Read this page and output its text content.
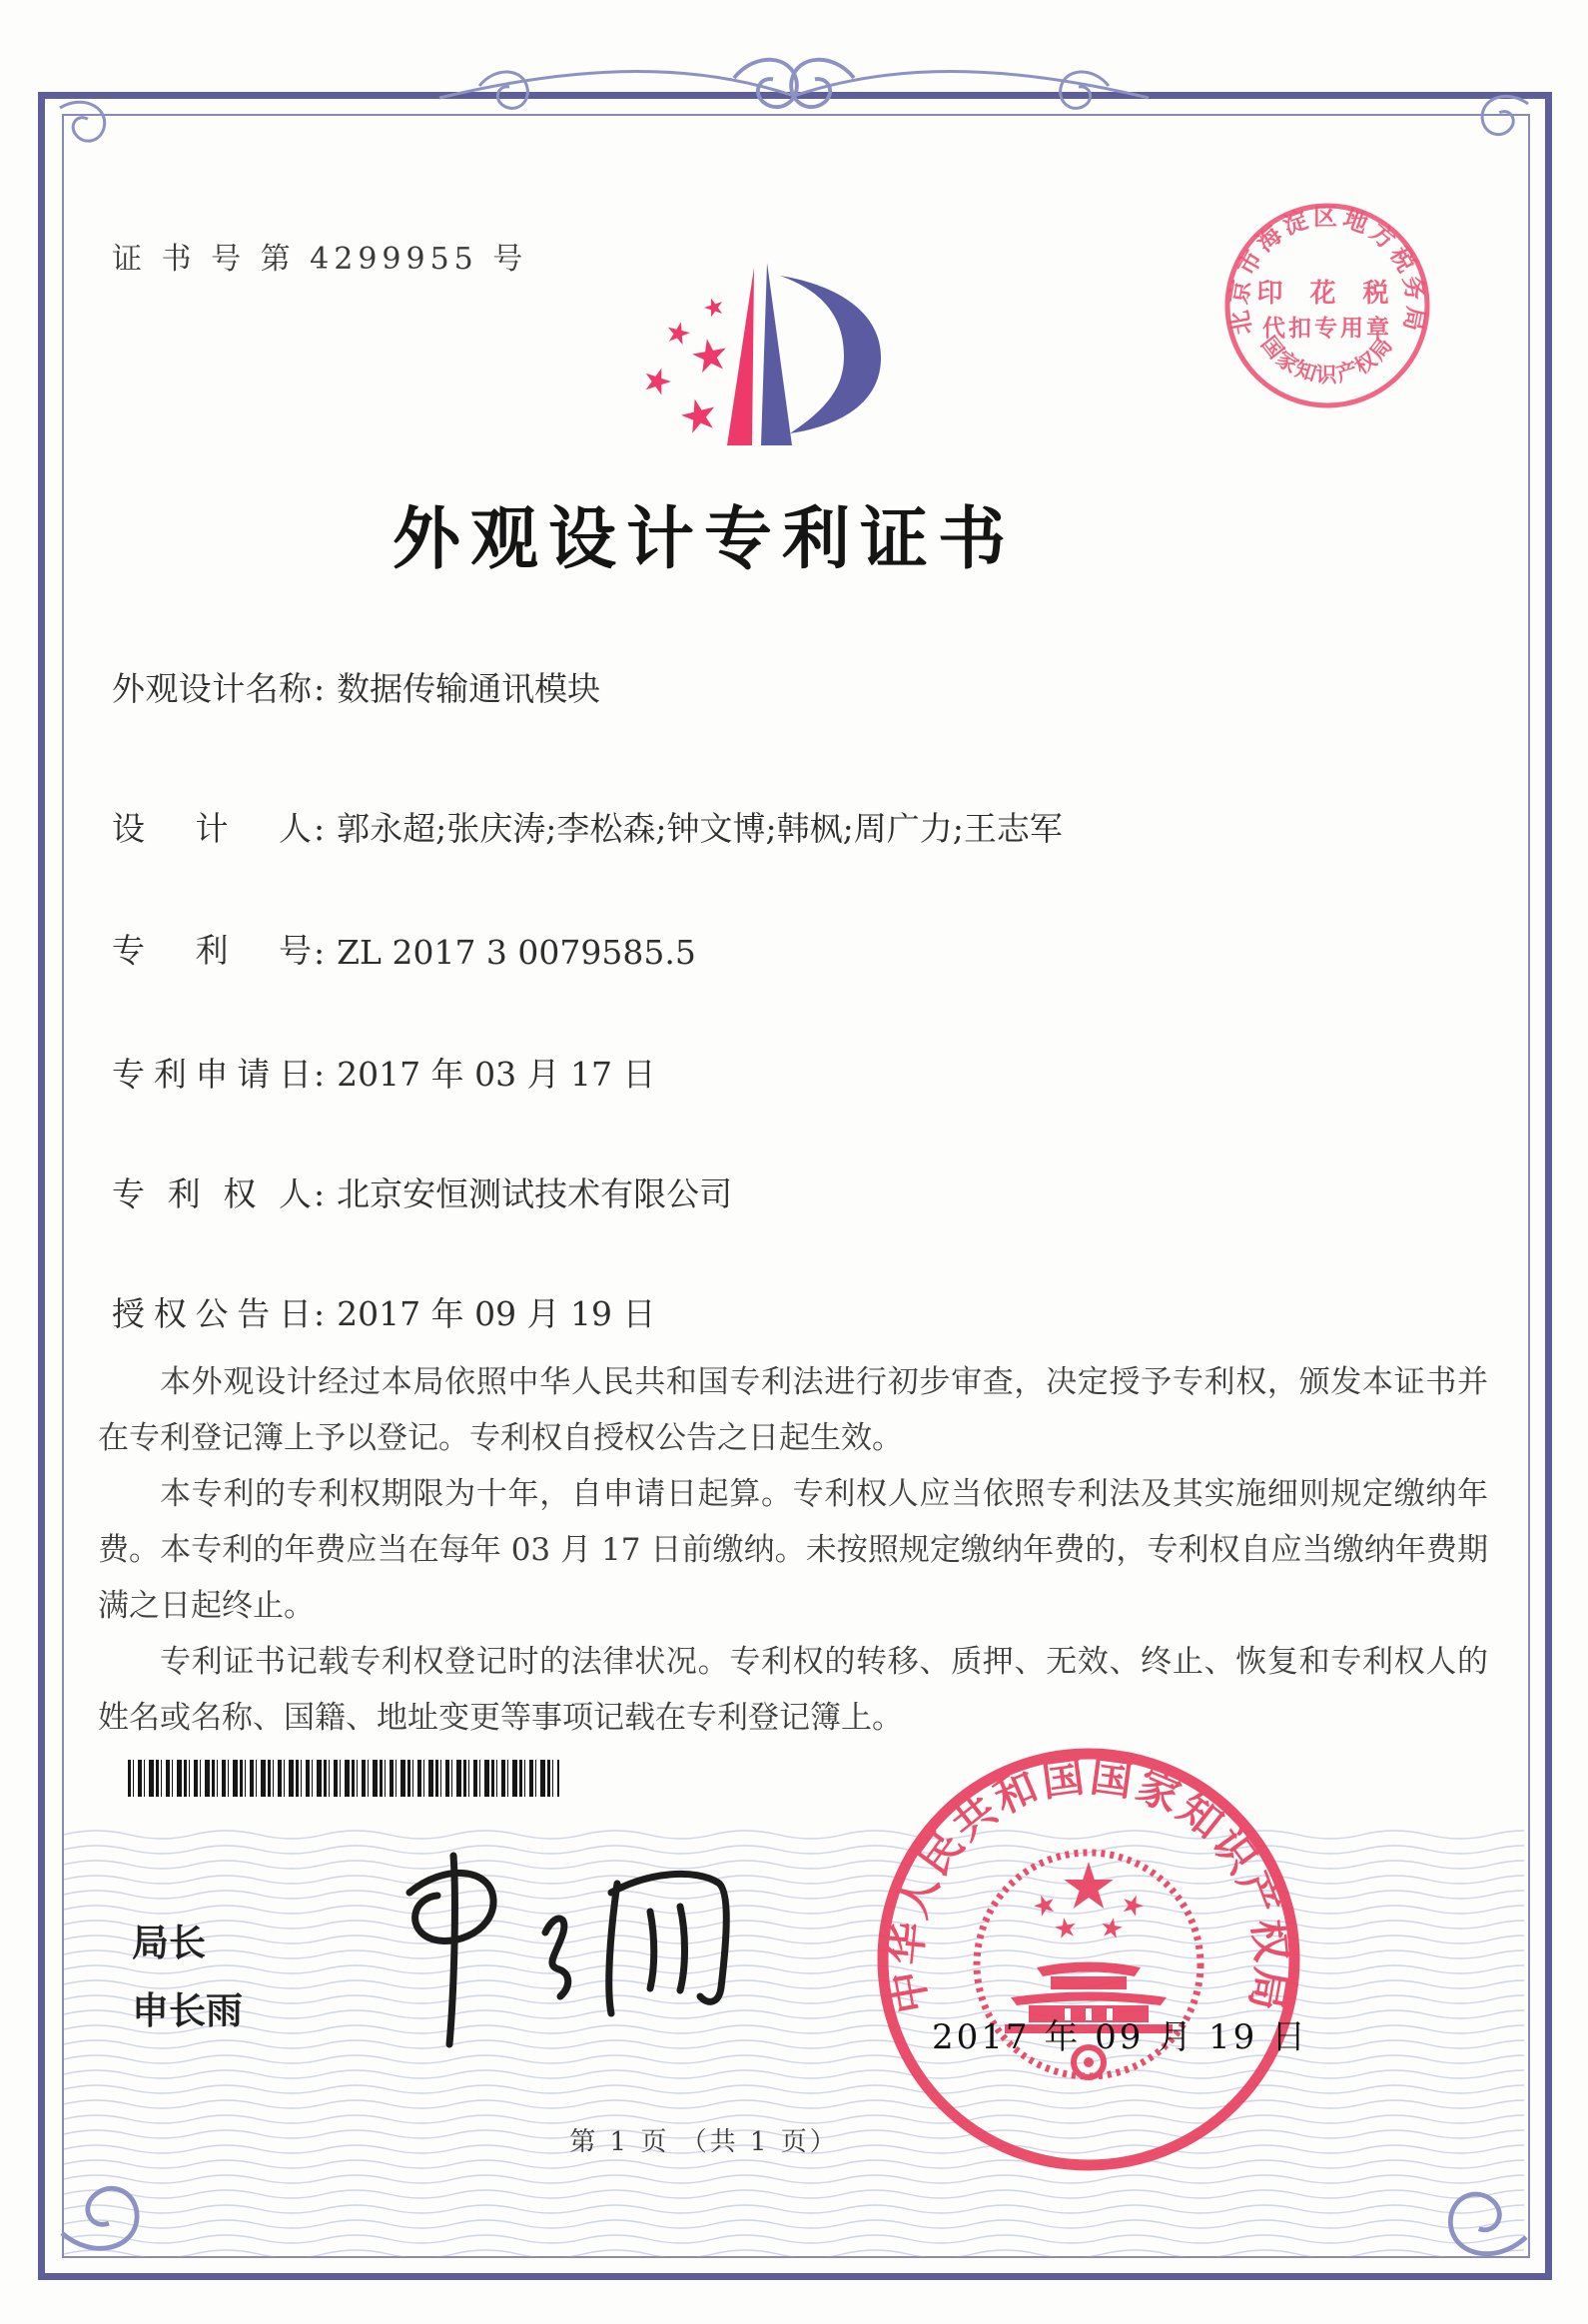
证 书 号 第 4299955 号
北京市海淀区地方税务局
国家知识产权局
印 花 税
代扣专用章
外观设计专利证书
外观设计名称: 数据传输通讯模块
设计人: 郭永超;张庆涛;李松森;钟文博;韩枫;周广力;王志军
专利号: ZL 2017 3 0079585.5
专利申请日: 2017 年 03 月 17 日
专利权人: 北京安恒测试技术有限公司
授权公告日: 2017 年 09 月 19 日

本外观设计经过本局依照中华人民共和国专利法进行初步审查，决定授予专利权，颁发本证书并在专利登记簿上予以登记。专利权自授权公告之日起生效。

本专利的专利权期限为十年，自申请日起算。专利权人应当依照专利法及其实施细则规定缴纳年费。本专利的年费应当在每年 03 月 17 日前缴纳。未按照规定缴纳年费的，专利权自应当缴纳年费期满之日起终止。

专利证书记载专利权登记时的法律状况。专利权的转移、质押、无效、终止、恢复和专利权人的姓名或名称、国籍、地址变更等事项记载在专利登记簿上。

局长
申长雨	中华人民共和国国家知识产权局
2017 年 09 月 19 日
第 1 页 （共 1 页）
